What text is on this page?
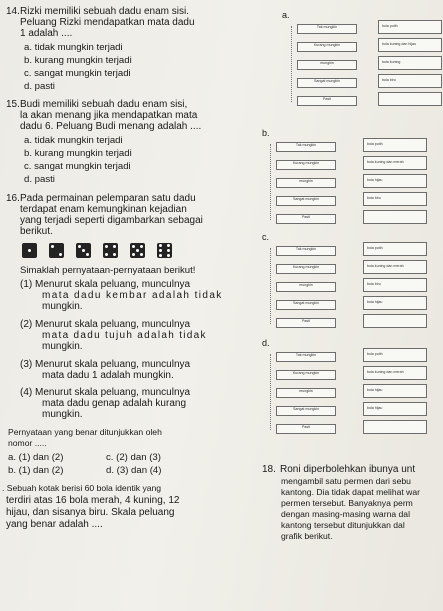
14. Rizki memiliki sebuah dadu enam sisi.
Peluang Rizki mendapatkan mata dadu
1 adalah ....
a. tidak mungkin terjadi
b. kurang mungkin terjadi
c. sangat mungkin terjadi
d. pasti
15. Budi memiliki sebuah dadu enam sisi,
la akan menang jika mendapatkan mata
dadu 6. Peluang Budi menang adalah ....
a. tidak mungkin terjadi
b. kurang mungkin terjadi
c. sangat mungkin terjadi
d. pasti
16. Pada permainan pelemparan satu dadu
terdapat enam kemungkinan kejadian
yang terjadi seperti digambarkan sebagai
berikut.
Simaklah pernyataan-pernyataan berikut!
(1) Menurut skala peluang, munculnya
mata dadu kembar adalah tidak
mungkin.
(2) Menurut skala peluang, munculnya
mata dadu tujuh adalah tidak
mungkin.
(3) Menurut skala peluang, munculnya
mata dadu 1 adalah mungkin.
(4) Menurut skala peluang, munculnya
mata dadu genap adalah kurang
mungkin.
Pernyataan yang benar ditunjukkan oleh
nomor .....
a. (1) dan (2)	c. (2) dan (3)
b. (1) dan (2)	d. (3) dan (4)
. Sebuah kotak berisi 60 bola identik yang
terdiri atas 16 bola merah, 4 kuning, 12
hijau, dan sisanya biru. Skala peluang
yang benar adalah ....
18. Roni diperbolehkan ibunya unt
mengambil satu permen dari sebu
kantong. Dia tidak dapat melihat war
permen tersebut. Banyaknya perm
dengan masing-masing warna dal
kantong tersebut ditunjukkan dal
grafik berikut.
a.
Tak mungkin
Kurang mungkin
mungkin
Sangat mungkin
Pasti
bola putih
bola kuning dan hijau
bola kuning
bola biru
b.
Tak mungkin
Kurang mungkin
mungkin
Sangat mungkin
Pasti
bola putih
bola kuning dan merah
bola hijau
bola biru
c.
Tak mungkin
Kurang mungkin
mungkin
Sangat mungkin
Pasti
bola putih
bola kuning dan merah
bola biru
bola hijau
d.
Tak mungkin
Kurang mungkin
mungkin
Sangat mungkin
Pasti
bola putih
bola kuning dan merah
bola hijau
bola hijau
